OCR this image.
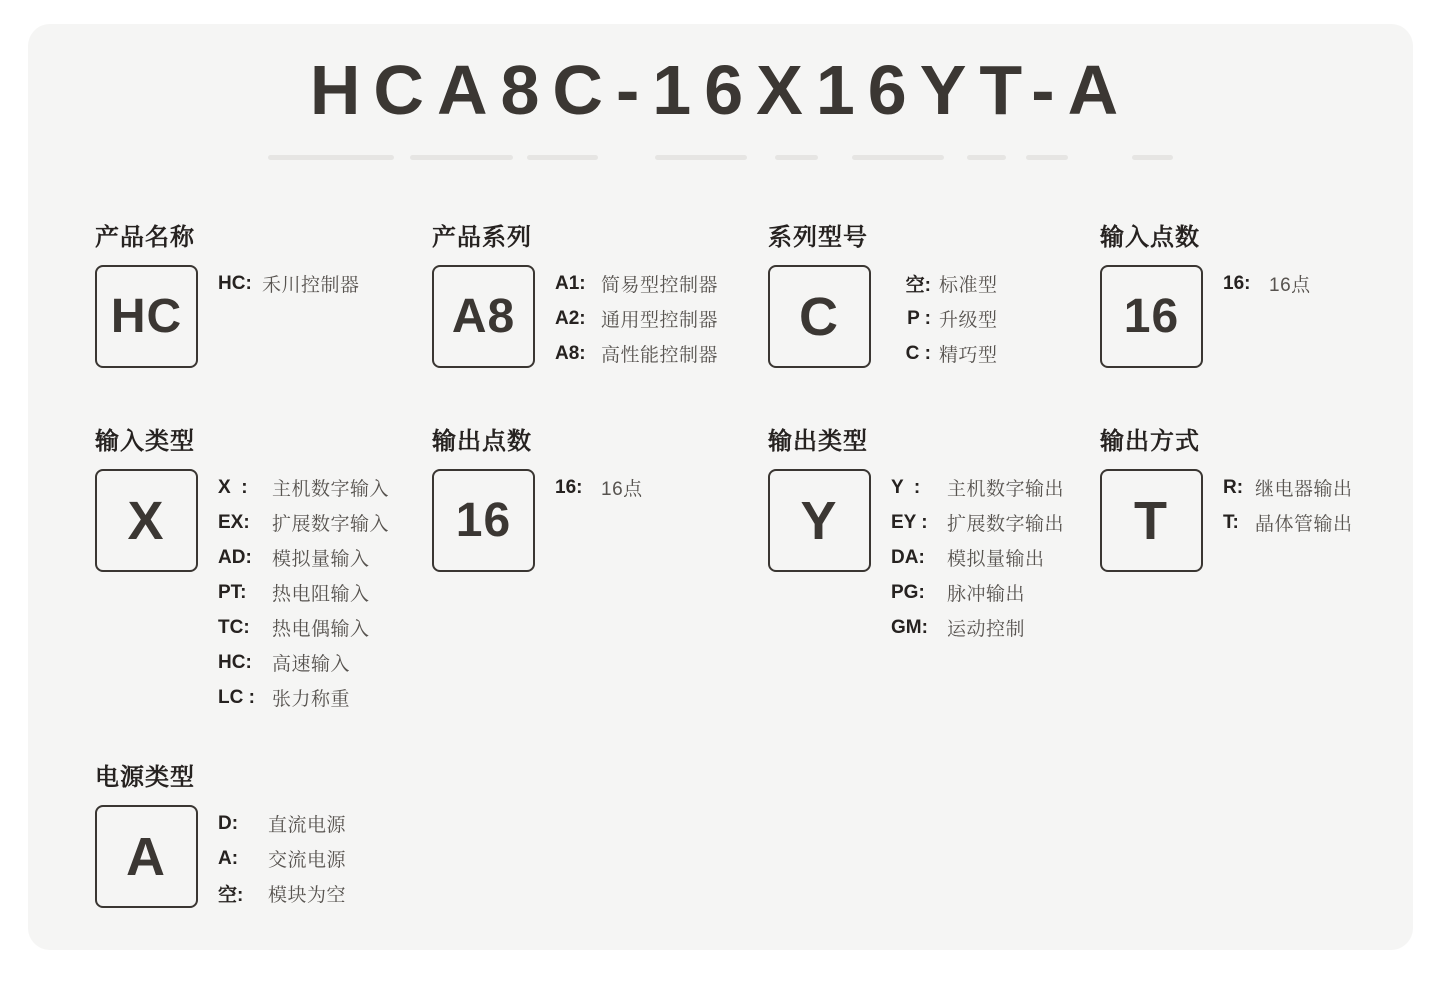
HCA8C-16X16YT-A
产品名称
HC
HC: 禾川控制器
产品系列
A8
A1: 简易型控制器
A2: 通用型控制器
A8: 高性能控制器
系列型号
C
空: 标准型
P : 升级型
C : 精巧型
输入点数
16
16: 16点
输入类型
X
X  :	主机数字输入
EX:	扩展数字输入
AD:	模拟量输入
PT:	热电阻输入
TC:	热电偶输入
HC:	高速输入
LC : 张力称重
输出点数
16
16: 16点
输出类型
Y
Y  :	主机数字输出
EY :	扩展数字输出
DA:	模拟量输出
PG:	脉冲输出
GM:	运动控制
输出方式
T
R: 继电器输出
T: 晶体管输出
电源类型
A
D:	直流电源
A:	交流电源
空:	模块为空
